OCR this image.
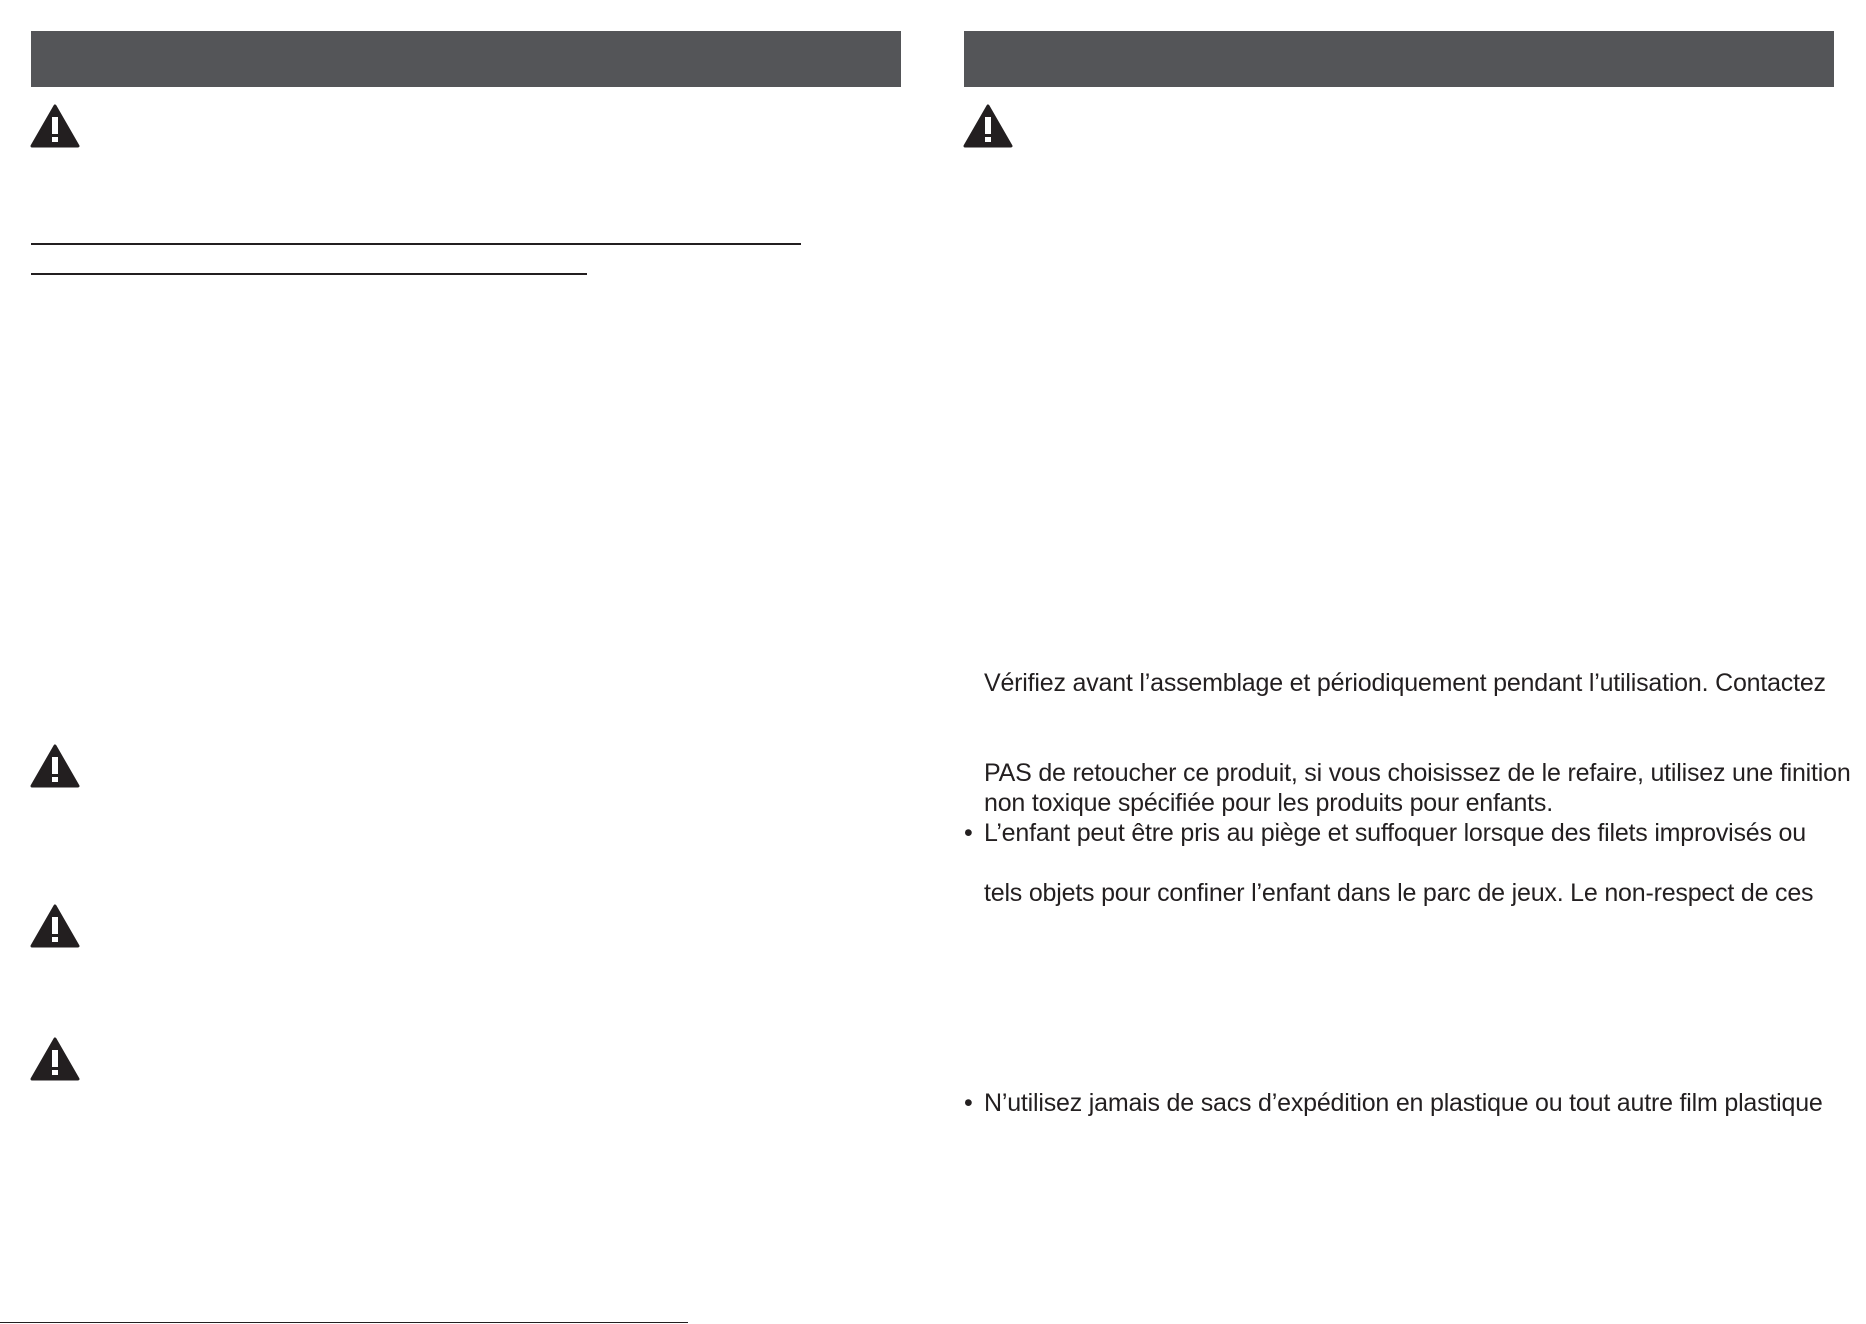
Vérifiez avant l’assemblage et périodiquement pendant l’utilisation. Contactez
PAS de retoucher ce produit, si vous choisissez de le refaire, utilisez une finition
non toxique spécifiée pour les produits pour enfants.
• L’enfant peut être pris au piège et suffoquer lorsque des filets improvisés ou
tels objets pour confiner l’enfant dans le parc de jeux. Le non-respect de ces
• N’utilisez jamais de sacs d’expédition en plastique ou tout autre film plastique
